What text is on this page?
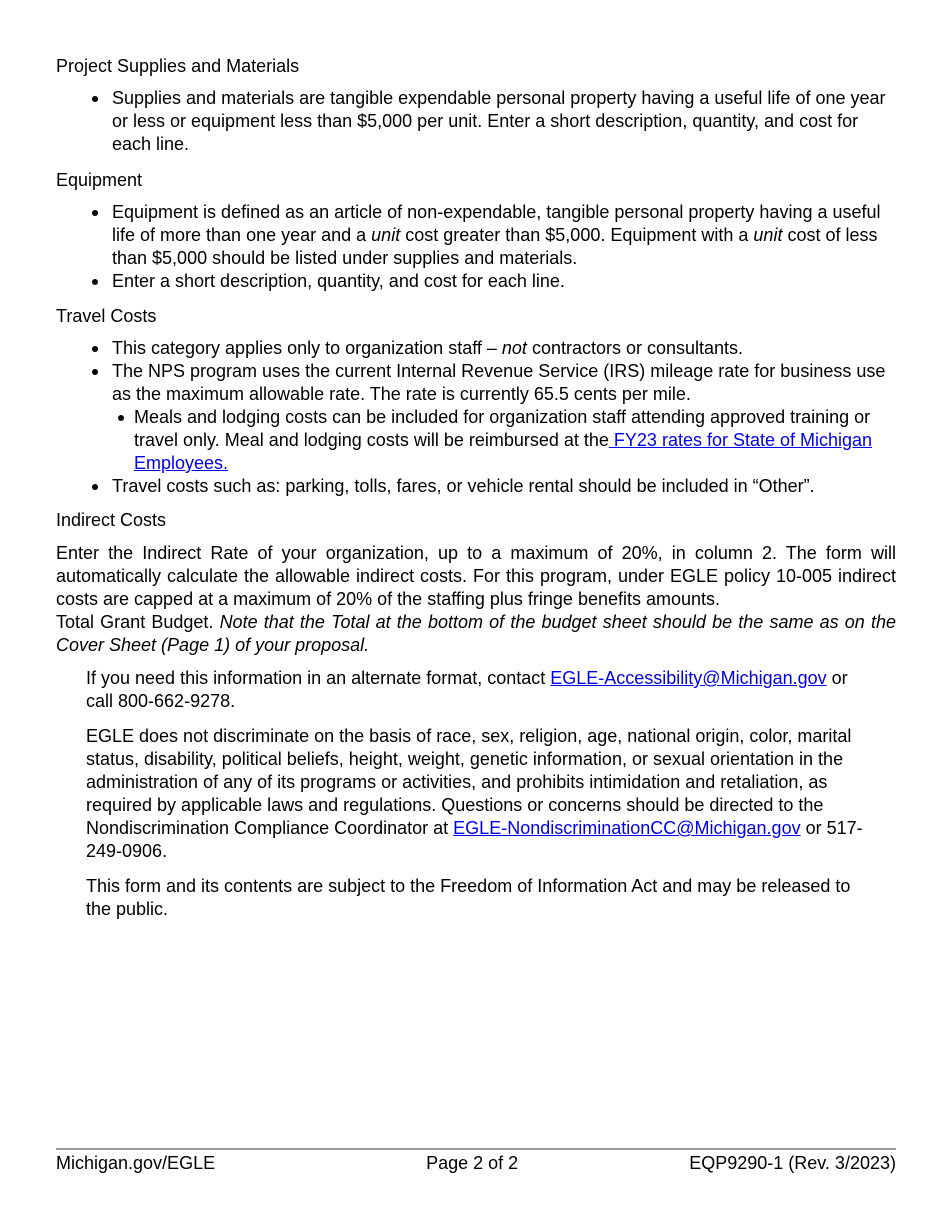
Project Supplies and Materials

Supplies and materials are tangible expendable personal property having a useful life of one year or less or equipment less than $5,000 per unit. Enter a short description, quantity, and cost for each line.

Equipment

Equipment is defined as an article of non-expendable, tangible personal property having a useful life of more than one year and a unit cost greater than $5,000. Equipment with a unit cost of less than $5,000 should be listed under supplies and materials.
Enter a short description, quantity, and cost for each line.

Travel Costs

This category applies only to organization staff – not contractors or consultants.
The NPS program uses the current Internal Revenue Service (IRS) mileage rate for business use as the maximum allowable rate. The rate is currently 65.5 cents per mile.
Meals and lodging costs can be included for organization staff attending approved training or travel only. Meal and lodging costs will be reimbursed at the FY23 rates for State of Michigan Employees.
Travel costs such as: parking, tolls, fares, or vehicle rental should be included in “Other”.

Indirect Costs

Enter the Indirect Rate of your organization, up to a maximum of 20%, in column 2. The form will automatically calculate the allowable indirect costs. For this program, under EGLE policy 10-005 indirect costs are capped at a maximum of 20% of the staffing plus fringe benefits amounts.

Total Grant Budget. Note that the Total at the bottom of the budget sheet should be the same as on the Cover Sheet (Page 1) of your proposal.

If you need this information in an alternate format, contact EGLE-Accessibility@Michigan.gov or call 800-662-9278.

EGLE does not discriminate on the basis of race, sex, religion, age, national origin, color, marital status, disability, political beliefs, height, weight, genetic information, or sexual orientation in the administration of any of its programs or activities, and prohibits intimidation and retaliation, as required by applicable laws and regulations. Questions or concerns should be directed to the Nondiscrimination Compliance Coordinator at EGLE-NondiscriminationCC@Michigan.gov or 517-249-0906.

This form and its contents are subject to the Freedom of Information Act and may be released to the public.

Michigan.gov/EGLE	Page 2 of 2	EQP9290-1 (Rev. 3/2023)
